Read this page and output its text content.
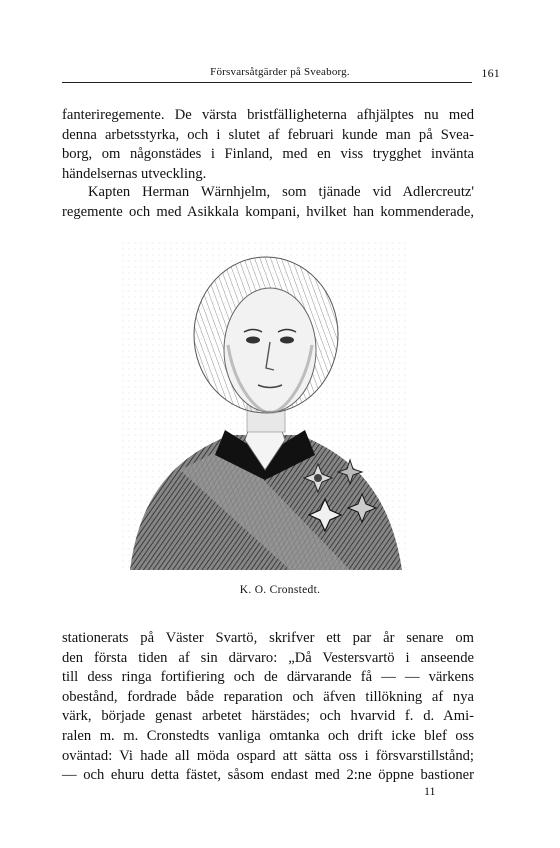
Försvarsåtgärder på Sveaborg.	161
fanteriregemente. De värsta bristfälligheterna afhjälptes nu med
denna arbetsstyrka, och i slutet af februari kunde man på Svea-
borg, om någonstädes i Finland, med en viss trygghet invänta
händelsernas utveckling.
Kapten Herman Wärnhjelm, som tjänade vid Adlercreutz'
regemente och med Asikkala kompani, hvilket han kommenderade,
K. O. Cronstedt.
stationerats på Väster Svartö, skrifver ett par år senare om
den första tiden af sin därvaro: „Då Vestersvartö i anseende
till dess ringa fortifiering och de därvarande få — — värkens
obestånd, fordrade både reparation och äfven tillökning af nya
värk, började genast arbetet härstädes; och hvarvid f. d. Ami-
ralen m. m. Cronstedts vanliga omtanka och drift icke blef oss
oväntad: Vi hade all möda ospard att sätta oss i försvarstillstånd;
— och ehuru detta fästet, såsom endast med 2:ne öppne bastioner
11
